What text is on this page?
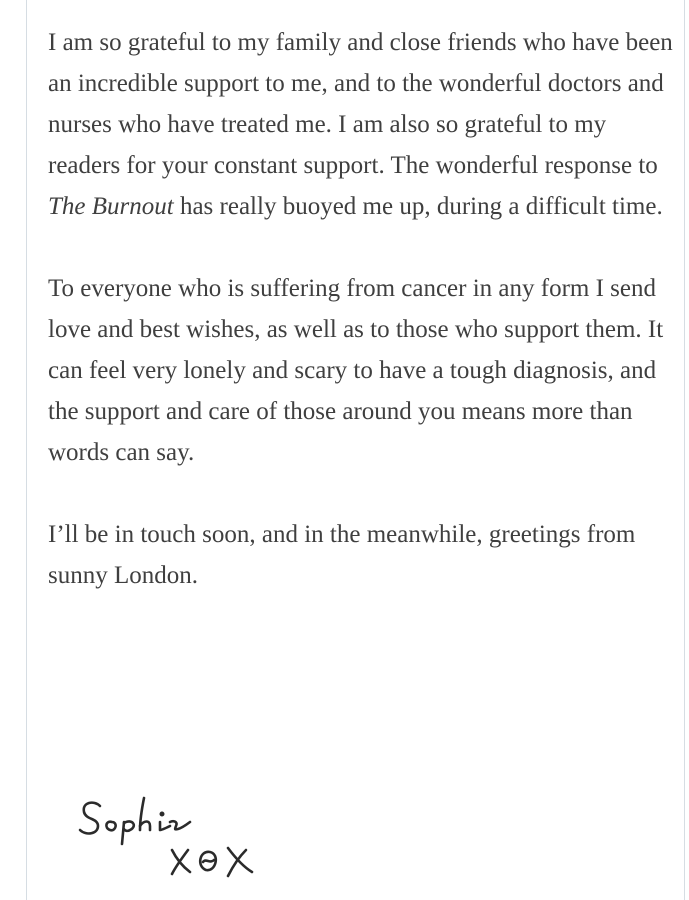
I am so grateful to my family and close friends who have been an incredible support to me, and to the wonderful doctors and nurses who have treated me. I am also so grateful to my readers for your constant support. The wonderful response to The Burnout has really buoyed me up, during a difficult time.

To everyone who is suffering from cancer in any form I send love and best wishes, as well as to those who support them. It can feel very lonely and scary to have a tough diagnosis, and the support and care of those around you means more than words can say.

I’ll be in touch soon, and in the meanwhile, greetings from sunny London.
